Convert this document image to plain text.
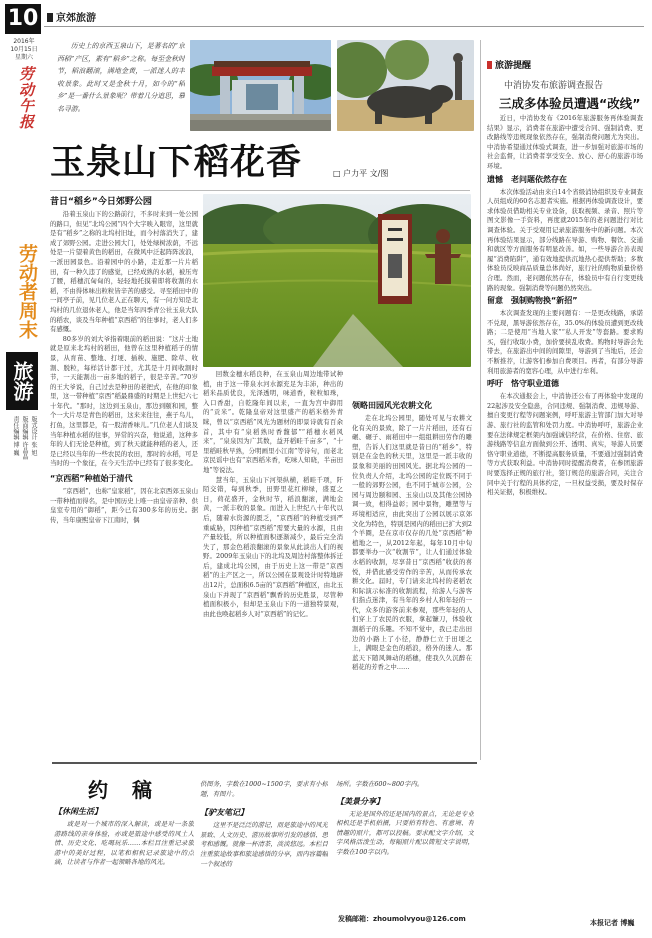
10	京郊旅游
2016年
10月15日
星期六
劳动午报
劳动者周末
旅游
版式设计 张 旭
版面编辑 许晶晶
责任编辑 博 巍
历史上的京西玉泉山下，是著名的“京西稻”产区，素有“稻乡”之称。每至金秋时节，稻浪翻滚，满地金黄，一派迷人的丰收景象。此时又是金秋十月，如今的“稻乡”是一番什么景象呢？带着几分追思，慕名寻游。
玉泉山下稻花香	□ 户力平 文/图
昔日“稻乡”今日郊野公园

沿着玉泉山下的公路前行，不多时来到一处公园的路口，但见“北坞公园”四个大字映入眼帘，这里就是有“稻乡”之称的北坞村旧址，而今村落消失了，建成了郊野公园。走进公园大门，处处绿树浓荫，不远处是一片望着黄色的稻田，在微风中泛起阵阵波浪，一派田园景色。沿着园中的小路，走近那一片片稻田，有一种久违了的感觉，已经成熟的水稻，被压弯了腰，稻穗沉甸甸的，轻轻地托摸着即将收割的水稻，不由得体味出粒粒皆辛苦的感受。寻至稻田中的一间亭子前，见几位老人正在聊天，有一问方知是北坞村的几位退休老人，他是当年四季青公社玉泉大队的稻农，谈及当年种植“京西稻”的往事时，老人们多有感慨。

80多岁的刘大爷指着眼前的稻田说：“这片土地就是原来北坞村的稻田，他曾在这里种植稻子的情景，从育苗、整地、打埂、插秧、施肥、除草、收割、脱粒，每样活计都干过，尤其是十月间收割时节，一天能割出一亩多地的稻子，很是辛苦。”70岁的王大爷说，自己过去是种田的老把式，在他的印象里，这一带种植“京西”稻最鼎盛的时期是上世纪六七十年代。“那时，这边到玉泉山，那边到颐和园，整个一大片尽是青色的稻田，这来来往往，燕子鸟儿，打鱼，这里都是，有一股清香味儿。”几位老人们谈及当年种植水稻的往事，异常的兴奋，他说道，这种多年的人们无论是种植，到了秋天就能种稻的老人，还是已经以当年的一些农民的农田，那时的水稻，可是当时的一个象征，在今天生活中已经有了很多变化。

“京西稻”种植始于清代

“京西稻”，也称“皇家稻”，因在北京西郊玉泉山一带种植而得名，是中国历史上唯一由皇帝亲种、供皇室专用的“御稻”，距今已有300多年的历史。据传，当年康熙皇帝下江南时，偶

回数金穗水稻良种，在玉泉山周边地带试种植，由于这一带泉水河水源充足为丰沛，种出的稻米品质优良，光泽透明，味道香，粒粒如珠，入口香甜，自乾隆年间以来，一直为宫中御用的“贡米”。乾隆皇帝对这里盛产的稻米格外青睐，曾以“京西稻”风光为题材的即景诗就有百余首，其中有“泉稻熟时香馥郁”“稻穗水稻风来”，“泉泉因为广其数，益开稻畦千亩多”，“十里稻畦秋早熟，分明画里小江南”等诗句，而老北京民谣中也有“京西稻米香，吃味人知晓，半亩田地”等说法。

慧当年，玉泉山下河渠纵横，稻畦千项，阡陌交错，每到秋季，田野里花红柳绿，盛夏之日，荷花盛开，金秋时节，稻浪翻滚，满地金黄，一派丰收的景象。而进入上世纪八十年代以后，随着水资源的匮乏，“京西稻”的种植受到严重威胁，因种植“京西稻”需要大量的水源，且由产量较低，所以种植面积逐渐减少，最后完全消失了，那金色稻浪翻滚的景象从此淡出人们的视野。2009年玉泉山下的北坞及周边村落整体拆迁后，建成北坞公园，由于历史上这一带是“京西稻”的主产区之一，所以公园在景观设计时特地辟出12片，总面积6.5亩的“京西稻”种植区，由北玉泉山下并现了“京西稻”飘香的历史胜景，尽管种植面积极小，但却是玉泉山下的一道独特景观，由此也唤起稻乡人对“京西稻”的记忆。

领略田园风光农耕文化

走在北坞公园里，随处可见与农耕文化有关的景致，除了一片片稻田，还有石碾、碾子、雨稻田中一组组耕田劳作的雕塑，告诉人们这里就是昔日的“稻乡”，特别是在金色的秋天里，这里是一派丰收的景象和美丽的田园风光。据北坞公园的一位负责人介绍，北坞公园的定位既不同于一般的郊野公园，也不同于城市公园，公园与周边颐和园、玉泉山以及其他公园协调一致，相得益彰；园中景物，雕塑等与环境相适应，由此突出了公园以展示京郊文化为特色，特别是园内的稻田已扩大到2个羊圈，是在京市仅存的几处“京西稻”种植地之一，从2012年起，每年10月中旬都要举办一次“收割节”，让人们通过体验水稻的收割，尽享昔日“京西稻”收获的喜悦，并借此感受劳作的辛苦，从而传承农耕文化。届时，专门请来北坞村的老稻农和际演示标准的收割流程，给游人与游客们指点迷津，有当年的乡村人和年轻的一代，众多的游客前来参观，那些年轻的人们穿上了农民的衣服，拿起镰刀，体验收割稻子的乐趣。不知不觉中，我已走出田边的小路上了小径，静静仁立于田埂之上，满眼是金色的稻浪，格外的迷人。那蓝天下随风舞动的稻穗，使我久久沉醉在稻花的芳香之中……

旅游提醒
中消协发布旅游调查报告
三成多体验员遭遇“改线”

近日，中消协发布《2016年旅游服务再体验调查结果》显示，消费者在旅游中遭受合同、强制消费、更改路线等违规现象依然存在，强制消费问题尤为突出。中消协希望通过体验式调查，进一步加强对旅游市场的社会监督，让消费者享受安全、放心、舒心的旅游市场环境。

遗憾　老问题依然存在

本次体验活动由来自14个省级消协组织及专业调查人员组成的60名志愿者实施。根据再体验调查设计，要求体验员借助相关专业设备，获取视频、录音、照片等图文影像一手资料，再度就2015年的老问题进行对比调查体验。关于受观用记录旅游服务中的新问题。本次再体验结果显示，部分线路在导游、购物、餐饮、交通和就区等方面服务有明显改善。如，一些导游合善表现履“消费陷阱”，通有效地提供沉地热心提供帮助；多数体验员反映商品质量总体尚好，旅行社的购物质量价格合理。然而，老问题依然存在，体验员中有自行变更线路的现象。强制消费等问题仍然突出。

留意　强制购物换“新招”

本次调查发现的主要问题有：一是更改线路，承诺不兑现，黑导游依然存在，35.0%的体验员遭到更改线路；二是使用“当地人家”“私人开发”等套路。要求购买，强行收取小费，加价要挟乱收费。购物时导游会先带去，在旅游出中间的间隙里，导游到了当地后，还会不断推荐，让游客们参加自费项目。再者，有部分导游利用旅游者的宽容心理，从中进行牟利。

呼吁　恪守职业道德

在本次通报会上，中消协还公布了再体验中发现的22起涉及安全隐患，合同违规、强制消费、违规导游、擅自变更行程等问题案例，呼吁旅游主管部门加大对导游、旅行社的监管和处罚力度。中消协呼吁，旅游企业要在法律规定框架内加强诚信经营，在价格、住宿、旅游线路等信息方面做到公开、透明、真实，导游人员要恪守职业道德，不断提高服务质量，不要通过强制消费等方式获取利益。中消协同时提醒消费者，在参团旅游时要选择正规的旅行社，签订规范的旅游合同，关注合同中关于行程的具体约定，一旦权益受损，要及时保存相关证据，积极维权。

本报记者 博巍
约　稿
【休闲生活】

或是对一个城市的深入解读，或是对一条旅游路线的亲身体验，亦或是旅途中感受的风土人情、历史文化、吃喝玩乐……本栏目注重记录旅游中的美好过程，以笔和相机记录旅途中的点滴，让读者与作者一起领略各地的风光。

供图务，字数在1000~1500字，要求有小标题，有图片。

【驴友笔记】

这里不是泛泛的游记，而是旅途中的风光景致、人文历史、游历故事所引发的感悟、思考和感慨。就像一杯清茶，淡淡悠远。本栏目注重旅途故事和旅途感悟的分享，而内容篇幅一个叙述的

场所。字数在600~800字内。

【美景分享】

无论是国外的还是国内的景点，无论是专业相机还是手机拍摄，只要拍有特色、有意境、有情趣的照片，都可以投稿。要求配文字介绍，文字风格活泼生动，每幅照片配以简短文字说明，字数在100字以内。

发稿邮箱：zhoumolvyou@126.com
